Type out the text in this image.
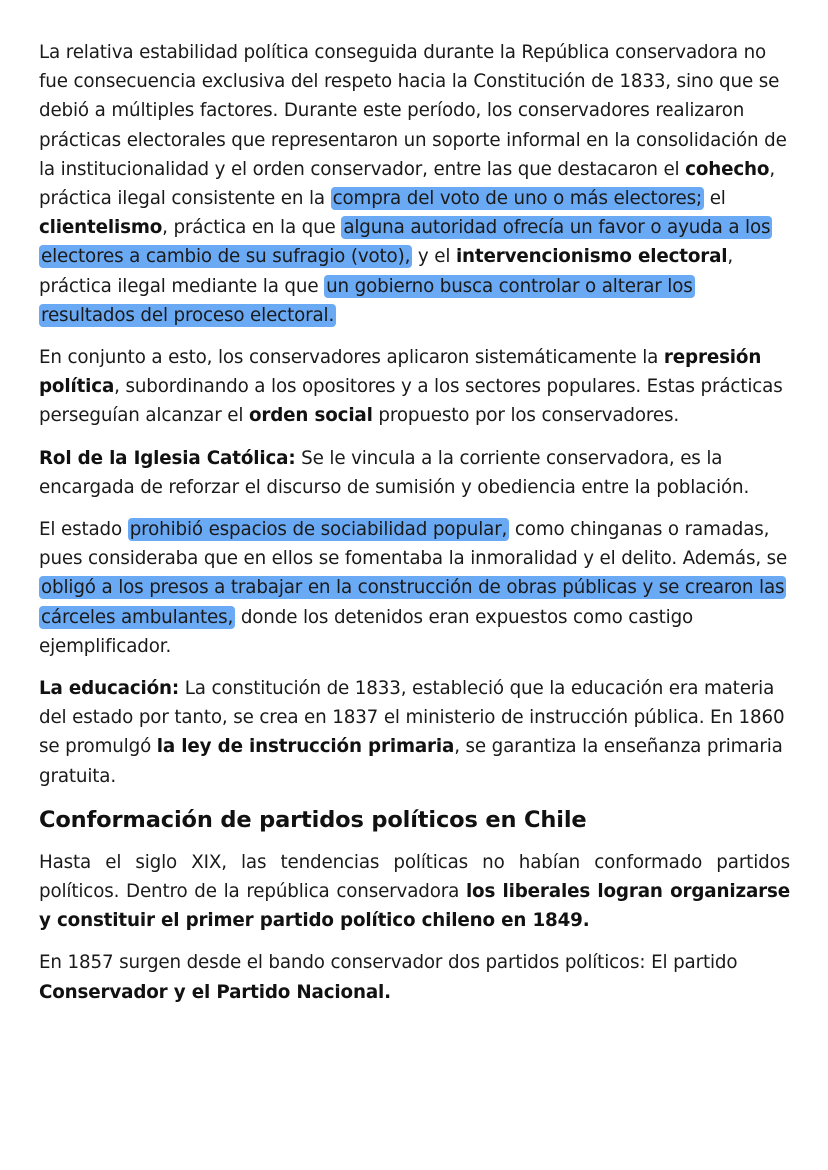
La relativa estabilidad política conseguida durante la República conservadora no fue consecuencia exclusiva del respeto hacia la Constitución de 1833, sino que se debió a múltiples factores. Durante este período, los conservadores realizaron prácticas electorales que representaron un soporte informal en la consolidación de la institucionalidad y el orden conservador, entre las que destacaron el cohecho, práctica ilegal consistente en la compra del voto de uno o más electores; el clientelismo, práctica en la que alguna autoridad ofrecía un favor o ayuda a los electores a cambio de su sufragio (voto), y el intervencionismo electoral, práctica ilegal mediante la que un gobierno busca controlar o alterar los resultados del proceso electoral.

En conjunto a esto, los conservadores aplicaron sistemáticamente la represión política, subordinando a los opositores y a los sectores populares. Estas prácticas perseguían alcanzar el orden social propuesto por los conservadores.

Rol de la Iglesia Católica: Se le vincula a la corriente conservadora, es la encargada de reforzar el discurso de sumisión y obediencia entre la población.

El estado prohibió espacios de sociabilidad popular, como chinganas o ramadas, pues consideraba que en ellos se fomentaba la inmoralidad y el delito. Además, se obligó a los presos a trabajar en la construcción de obras públicas y se crearon las cárceles ambulantes, donde los detenidos eran expuestos como castigo ejemplificador.

La educación: La constitución de 1833, estableció que la educación era materia del estado por tanto, se crea en 1837 el ministerio de instrucción pública. En 1860 se promulgó la ley de instrucción primaria, se garantiza la enseñanza primaria gratuita.

Conformación de partidos políticos en Chile

Hasta el siglo XIX, las tendencias políticas no habían conformado partidos políticos. Dentro de la república conservadora los liberales logran organizarse y constituir el primer partido político chileno en 1849.

En 1857 surgen desde el bando conservador dos partidos políticos: El partido Conservador y el Partido Nacional.
